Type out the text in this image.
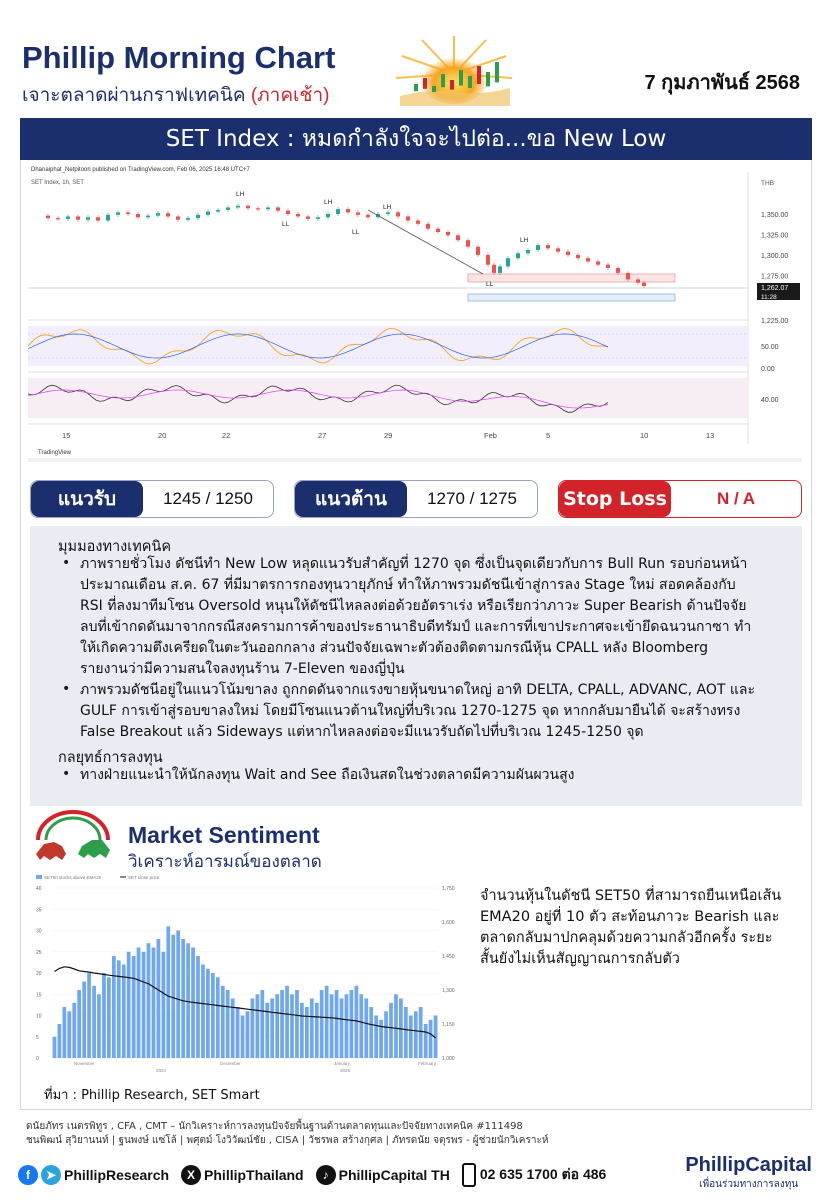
Phillip Morning Chart
เจาะตลาดผ่านกราฟเทคนิค (ภาคเช้า)
7 กุมภาพันธ์ 2568
SET Index : หมดกำลังใจจะไปต่อ...ขอ New Low
Dhanaiphat_Netpitoon published on TradingView.com, Feb 06, 2025 16:48 UTC+7
SET Index, 1h, SET
LH
LH
LH
LH
LL
LL
LL
THB
1,350.00
1,325.00
1,300.00
1,275.00
1,225.00
1,262.07
11:28
50.00
0.00
40.00
15	20	22	27	29	Feb	5	10	13
TradingView
แนวรับ	1245 / 1250	แนวต้าน	1270 / 1275	Stop Loss	N / A
มุมมองทางเทคนิค
• ภาพรายชั่วโมง ดัชนีทำ New Low หลุดแนวรับสำคัญที่ 1270 จุด ซึ่งเป็นจุดเดียวกับการ Bull Run รอบก่อนหน้า
ประมาณเดือน ส.ค. 67 ที่มีมาตรการกองทุนวายุภักษ์ ทำให้ภาพรวมดัชนีเข้าสู่การลง Stage ใหม่ สอดคล้องกับ
RSI ที่ลงมาทีมโซน Oversold หนุนให้ดัชนีไหลลงต่อด้วยอัตราเร่ง หรือเรียกว่าภาวะ Super Bearish ด้านปัจจัย
ลบที่เข้ากดดันมาจากกรณีสงครามการค้าของประธานาธิบดีทรัมป์ และการที่เขาประกาศจะเข้ายึดฉนวนกาซา ทำ
ให้เกิดความตึงเครียดในตะวันออกกลาง ส่วนปัจจัยเฉพาะตัวต้องติดตามกรณีหุ้น CPALL หลัง Bloomberg
รายงานว่ามีความสนใจลงทุนร้าน 7-Eleven ของญี่ปุ่น
• ภาพรวมดัชนีอยู่ในแนวโน้มขาลง ถูกกดดันจากแรงขายหุ้นขนาดใหญ่ อาทิ DELTA, CPALL, ADVANC, AOT และ
GULF การเข้าสู่รอบขาลงใหม่ โดยมีโซนแนวต้านใหญ่ที่บริเวณ 1270-1275 จุด หากกลับมายืนได้ จะสร้างทรง
False Breakout แล้ว Sideways แต่หากไหลลงต่อจะมีแนวรับถัดไปที่บริเวณ 1245-1250 จุด
กลยุทธ์การลงทุน
• ทางฝ่ายแนะนำให้นักลงทุน Wait and See ถือเงินสดในช่วงตลาดมีความผันผวนสูง
Market Sentiment
วิเคราะห์อารมณ์ของตลาด
SET50 stocks above EMA20	SET close price
40
35
30
25
20
15
10
5
0
1,750
1,600
1,450
1,300
1,150
1,000
November
2024
December	January
2025
February
จำนวนหุ้นในดัชนี SET50 ที่สามารถยืนเหนือเส้น
EMA20 อยู่ที่ 10 ตัว สะท้อนภาวะ Bearish และ
ตลาดกลับมาปกคลุมด้วยความกลัวอีกครั้ง ระยะ
สั้นยังไม่เห็นสัญญาณการกลับตัว
ที่มา : Phillip Research, SET Smart
ดนัยภัทร เนตรพิทูร , CFA , CMT – นักวิเคราะห์การลงทุนปัจจัยพื้นฐานด้านตลาดทุนและปัจจัยทางเทคนิค #111498
ชนพิฒน์ สุวิยานนท์ | ฐนพงษ์ แซ่โล้ | พศุตม์ โงวิวัฒน์ชัย , CISA | วัชรพล สร้างกุศล | ภัทรดนัย จตุรพร - ผู้ช่วยนักวิเคราะห์
f	➤ PhillipResearch	X PhillipThailand	♪ PhillipCapital TH 02 635 1700 ต่อ 486	PhillipCapital
เพื่อนร่วมทางการลงทุน
